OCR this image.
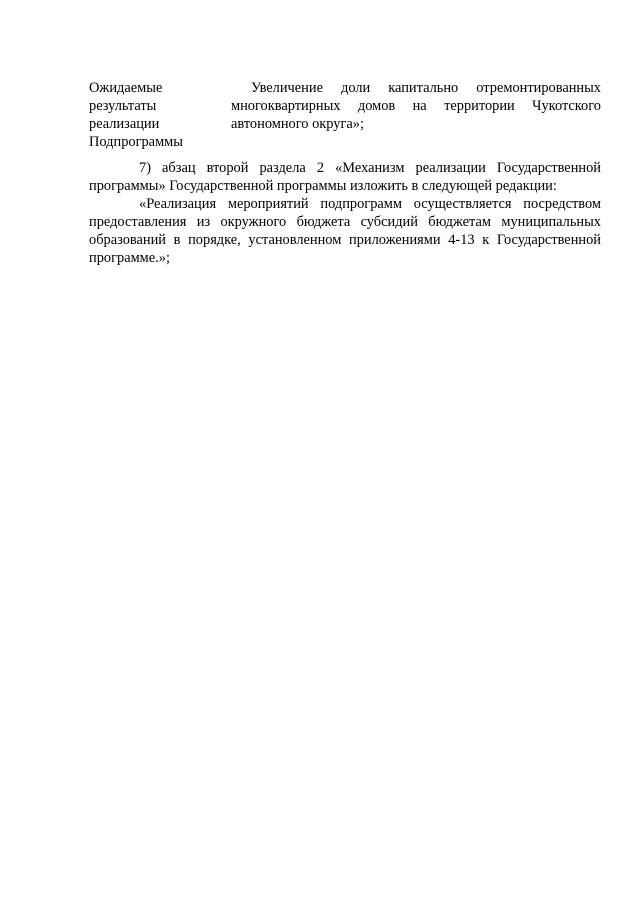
Ожидаемые
результаты
реализации
Подпрограммы
Увеличение доли капитально отремонтированных
многоквартирных домов на территории Чукотского
автономного округа»;
7) абзац второй раздела 2 «Механизм реализации Государственной
программы» Государственной программы изложить в следующей редакции:
«Реализация мероприятий подпрограмм осуществляется посредством
предоставления из окружного бюджета субсидий бюджетам муниципальных
образований в порядке, установленном приложениями 4-13 к Государственной
программе.»;
